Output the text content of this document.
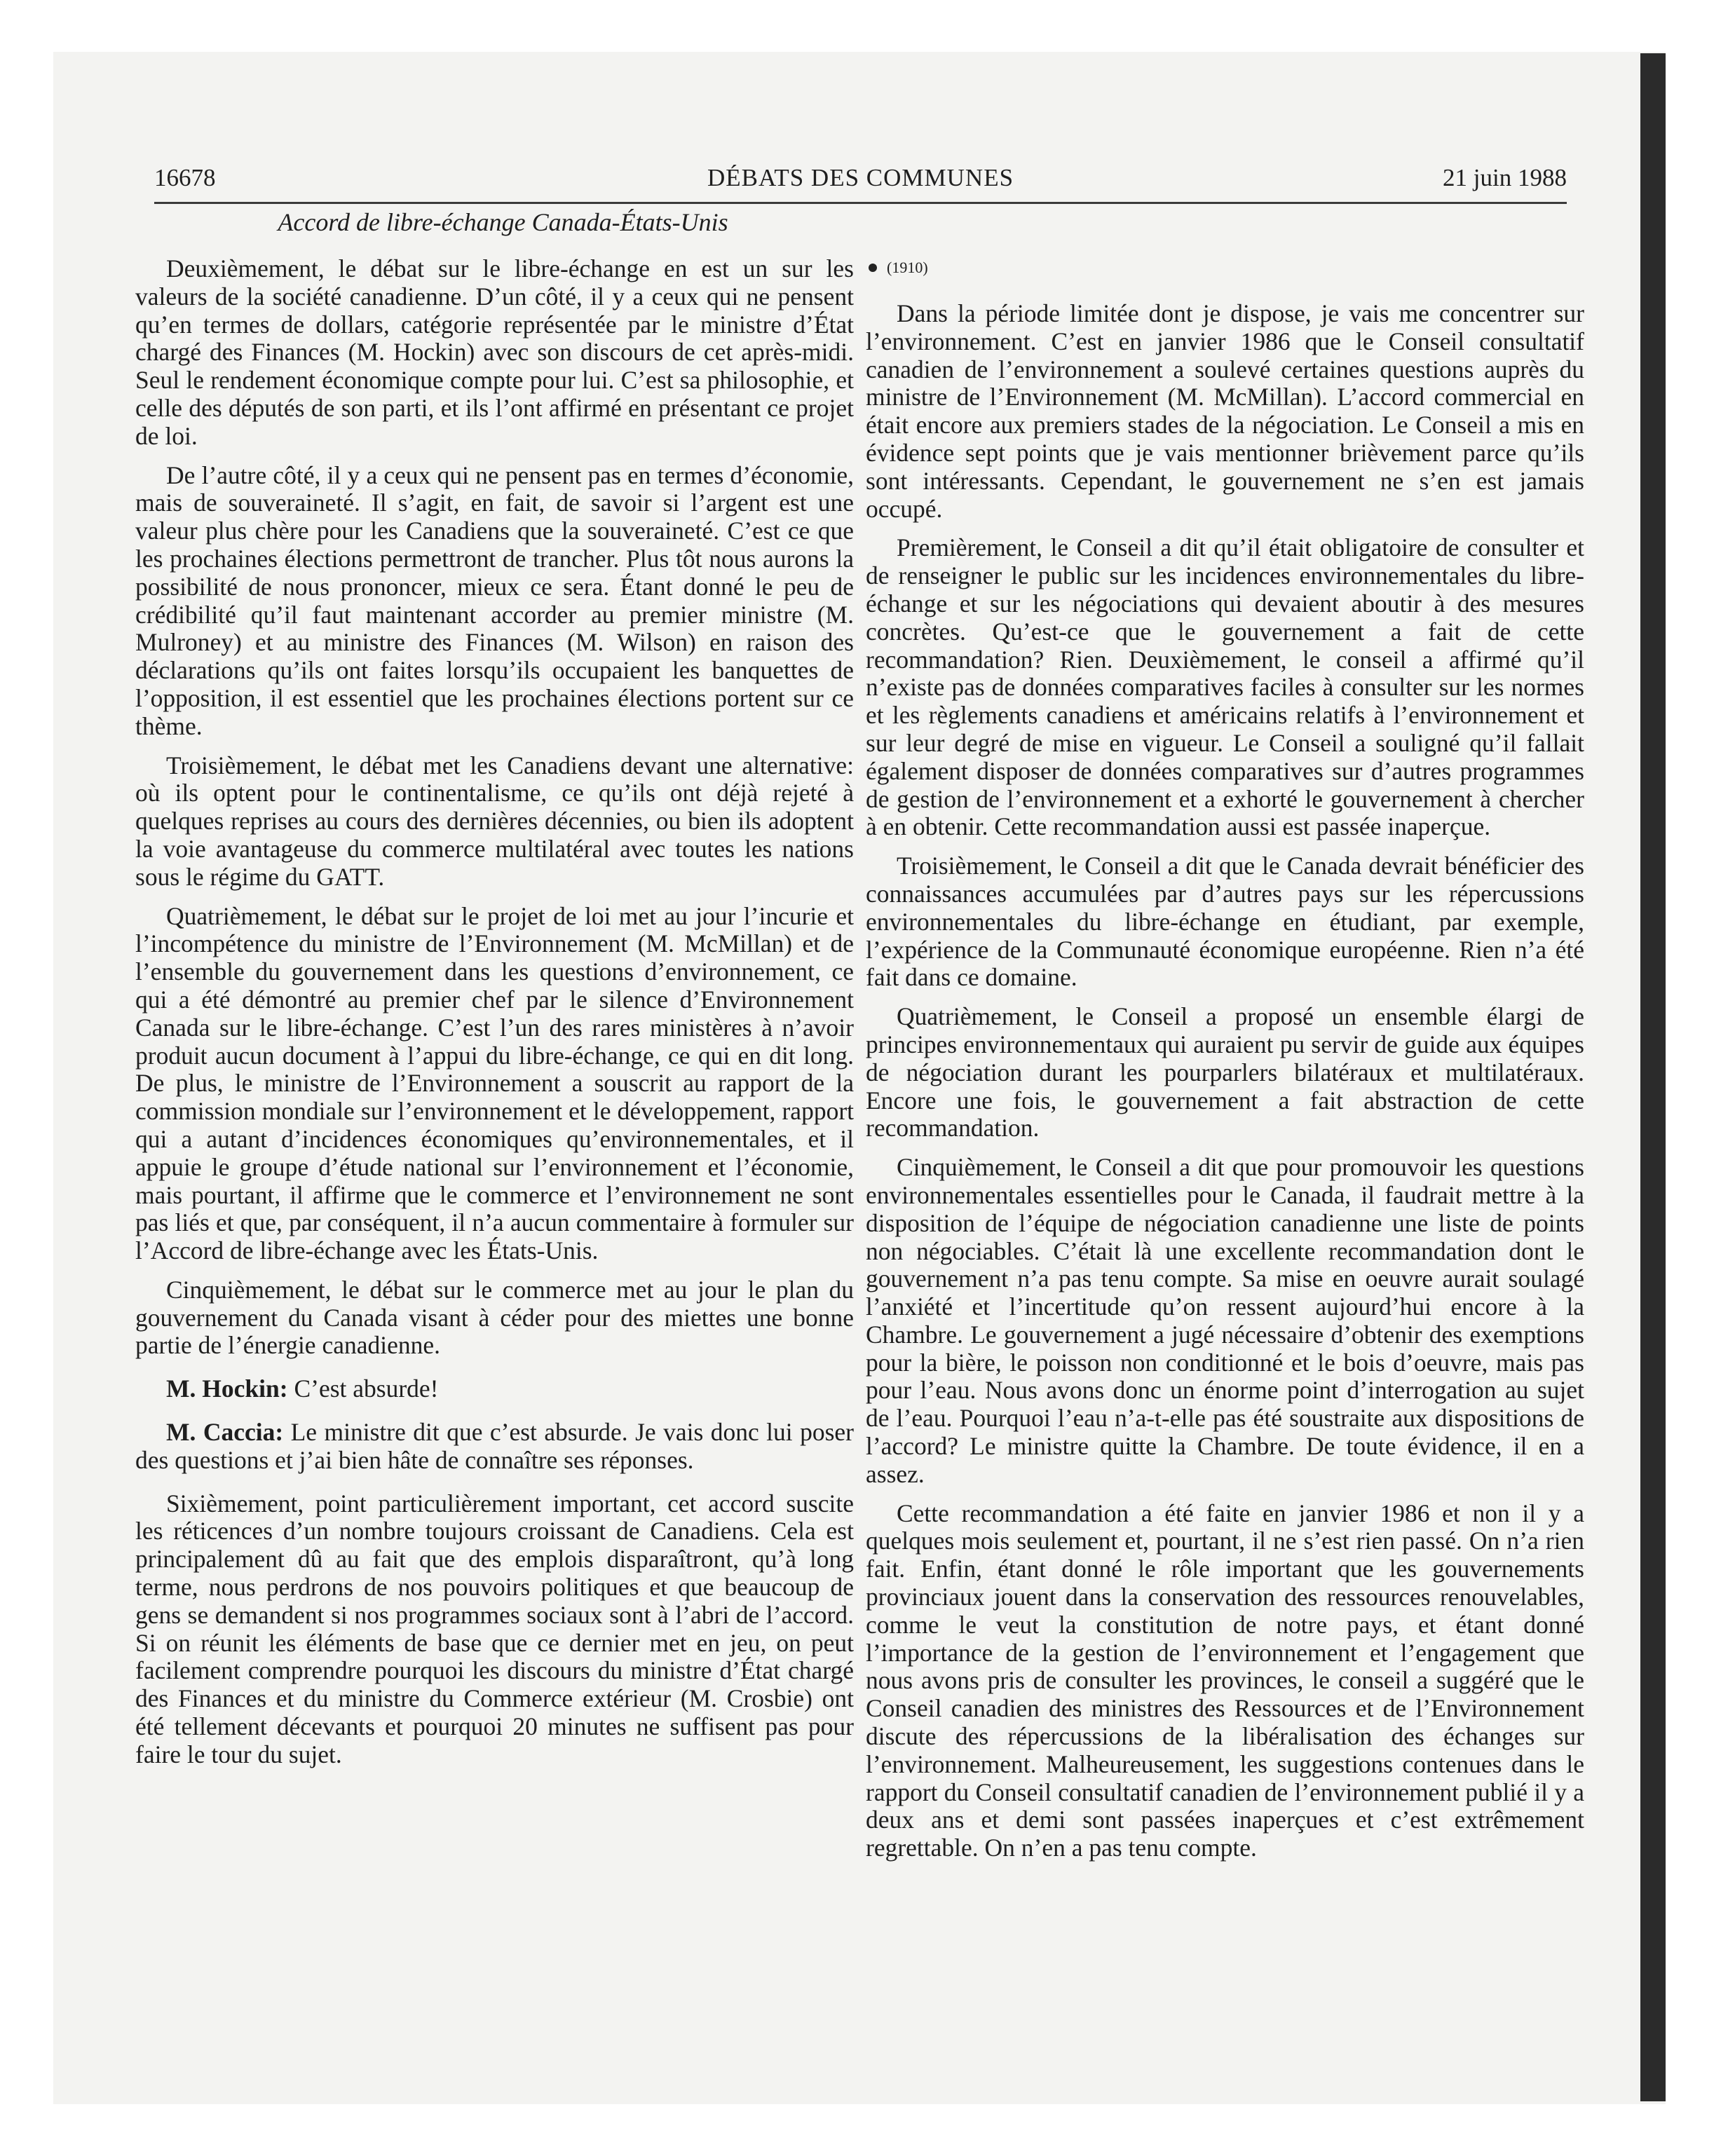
16678	DÉBATS DES COMMUNES	21 juin 1988
Accord de libre-échange Canada-États-Unis

Deuxièmement, le débat sur le libre-échange en est un sur les valeurs de la société canadienne. D’un côté, il y a ceux qui ne pensent qu’en termes de dollars, catégorie représentée par le ministre d’État chargé des Finances (M. Hockin) avec son discours de cet après-midi. Seul le rendement économique compte pour lui. C’est sa philosophie, et celle des députés de son parti, et ils l’ont affirmé en présentant ce projet de loi.

De l’autre côté, il y a ceux qui ne pensent pas en termes d’économie, mais de souveraineté. Il s’agit, en fait, de savoir si l’argent est une valeur plus chère pour les Canadiens que la souveraineté. C’est ce que les prochaines élections permettront de trancher. Plus tôt nous aurons la possibilité de nous prononcer, mieux ce sera. Étant donné le peu de crédibilité qu’il faut maintenant accorder au premier ministre (M. Mulroney) et au ministre des Finances (M. Wilson) en raison des déclarations qu’ils ont faites lorsqu’ils occupaient les banquettes de l’opposition, il est essentiel que les prochaines élections portent sur ce thème.

Troisièmement, le débat met les Canadiens devant une alternative: où ils optent pour le continentalisme, ce qu’ils ont déjà rejeté à quelques reprises au cours des dernières décennies, ou bien ils adoptent la voie avantageuse du commerce multilatéral avec toutes les nations sous le régime du GATT.

Quatrièmement, le débat sur le projet de loi met au jour l’incurie et l’incompétence du ministre de l’Environnement (M. McMillan) et de l’ensemble du gouvernement dans les questions d’environnement, ce qui a été démontré au premier chef par le silence d’Environnement Canada sur le libre-échange. C’est l’un des rares ministères à n’avoir produit aucun document à l’appui du libre-échange, ce qui en dit long. De plus, le ministre de l’Environnement a souscrit au rapport de la commission mondiale sur l’environnement et le développement, rapport qui a autant d’incidences économiques qu’environnementales, et il appuie le groupe d’étude national sur l’environnement et l’économie, mais pourtant, il affirme que le commerce et l’environnement ne sont pas liés et que, par conséquent, il n’a aucun commentaire à formuler sur l’Accord de libre-échange avec les États-Unis.

Cinquièmement, le débat sur le commerce met au jour le plan du gouvernement du Canada visant à céder pour des miettes une bonne partie de l’énergie canadienne.

M. Hockin: C’est absurde!

M. Caccia: Le ministre dit que c’est absurde. Je vais donc lui poser des questions et j’ai bien hâte de connaître ses réponses.

Sixièmement, point particulièrement important, cet accord suscite les réticences d’un nombre toujours croissant de Canadiens. Cela est principalement dû au fait que des emplois disparaîtront, qu’à long terme, nous perdrons de nos pouvoirs politiques et que beaucoup de gens se demandent si nos programmes sociaux sont à l’abri de l’accord. Si on réunit les éléments de base que ce dernier met en jeu, on peut facilement comprendre pourquoi les discours du ministre d’État chargé des Finances et du ministre du Commerce extérieur (M. Crosbie) ont été tellement décevants et pourquoi 20 minutes ne suffisent pas pour faire le tour du sujet.

(1910)

Dans la période limitée dont je dispose, je vais me concentrer sur l’environnement. C’est en janvier 1986 que le Conseil consultatif canadien de l’environnement a soulevé certaines questions auprès du ministre de l’Environnement (M. McMillan). L’accord commercial en était encore aux premiers stades de la négociation. Le Conseil a mis en évidence sept points que je vais mentionner brièvement parce qu’ils sont intéressants. Cependant, le gouvernement ne s’en est jamais occupé.

Premièrement, le Conseil a dit qu’il était obligatoire de consulter et de renseigner le public sur les incidences environnementales du libre-échange et sur les négociations qui devaient aboutir à des mesures concrètes. Qu’est-ce que le gouvernement a fait de cette recommandation? Rien. Deuxièmement, le conseil a affirmé qu’il n’existe pas de données comparatives faciles à consulter sur les normes et les règlements canadiens et américains relatifs à l’environnement et sur leur degré de mise en vigueur. Le Conseil a souligné qu’il fallait également disposer de données comparatives sur d’autres programmes de gestion de l’environnement et a exhorté le gouvernement à chercher à en obtenir. Cette recommandation aussi est passée inaperçue.

Troisièmement, le Conseil a dit que le Canada devrait bénéficier des connaissances accumulées par d’autres pays sur les répercussions environnementales du libre-échange en étudiant, par exemple, l’expérience de la Communauté économique européenne. Rien n’a été fait dans ce domaine.

Quatrièmement, le Conseil a proposé un ensemble élargi de principes environnementaux qui auraient pu servir de guide aux équipes de négociation durant les pourparlers bilatéraux et multilatéraux. Encore une fois, le gouvernement a fait abstraction de cette recommandation.

Cinquièmement, le Conseil a dit que pour promouvoir les questions environnementales essentielles pour le Canada, il faudrait mettre à la disposition de l’équipe de négociation canadienne une liste de points non négociables. C’était là une excellente recommandation dont le gouvernement n’a pas tenu compte. Sa mise en oeuvre aurait soulagé l’anxiété et l’incertitude qu’on ressent aujourd’hui encore à la Chambre. Le gouvernement a jugé nécessaire d’obtenir des exemptions pour la bière, le poisson non conditionné et le bois d’oeuvre, mais pas pour l’eau. Nous avons donc un énorme point d’interrogation au sujet de l’eau. Pourquoi l’eau n’a-t-elle pas été soustraite aux dispositions de l’accord? Le ministre quitte la Chambre. De toute évidence, il en a assez.

Cette recommandation a été faite en janvier 1986 et non il y a quelques mois seulement et, pourtant, il ne s’est rien passé. On n’a rien fait. Enfin, étant donné le rôle important que les gouvernements provinciaux jouent dans la conservation des ressources renouvelables, comme le veut la constitution de notre pays, et étant donné l’importance de la gestion de l’environnement et l’engagement que nous avons pris de consulter les provinces, le conseil a suggéré que le Conseil canadien des ministres des Ressources et de l’Environnement discute des répercussions de la libéralisation des échanges sur l’environnement. Malheureusement, les suggestions contenues dans le rapport du Conseil consultatif canadien de l’environnement publié il y a deux ans et demi sont passées inaperçues et c’est extrêmement regrettable. On n’en a pas tenu compte.
